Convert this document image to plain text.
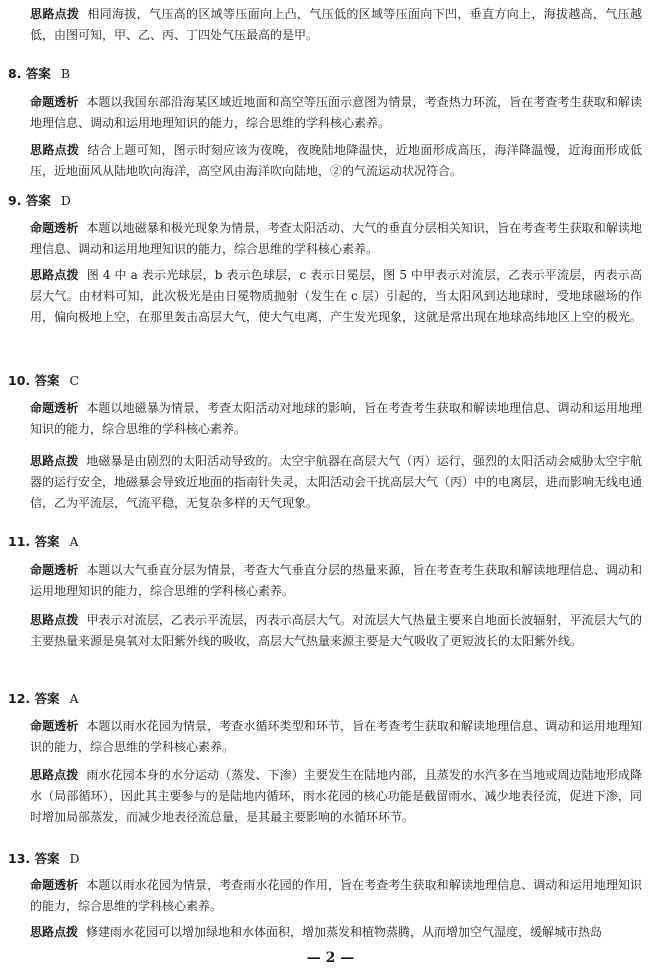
思路点拨 相同海拔，气压高的区域等压面向上凸，气压低的区域等压面向下凹，垂直方向上，海拔越高，气压越低，由图可知，甲、乙、丙、丁四处气压最高的是甲。

8. 答案 B

命题透析 本题以我国东部沿海某区域近地面和高空等压面示意图为情景，考查热力环流，旨在考查考生获取和解读地理信息、调动和运用地理知识的能力，综合思维的学科核心素养。

思路点拨 结合上题可知，图示时刻应该为夜晚，夜晚陆地降温快，近地面形成高压，海洋降温慢，近海面形成低压，近地面风从陆地吹向海洋，高空风由海洋吹向陆地，②的气流运动状况符合。

9. 答案 D

命题透析 本题以地磁暴和极光现象为情景，考查太阳活动、大气的垂直分层相关知识，旨在考查考生获取和解读地理信息、调动和运用地理知识的能力，综合思维的学科核心素养。

思路点拨 图 4 中 a 表示光球层，b 表示色球层，c 表示日冕层，图 5 中甲表示对流层，乙表示平流层，丙表示高层大气。由材料可知，此次极光是由日冕物质抛射（发生在 c 层）引起的，当太阳风到达地球时，受地球磁场的作用，偏向极地上空，在那里轰击高层大气，使大气电离，产生发光现象，这就是常出现在地球高纬地区上空的极光。

10. 答案 C

命题透析 本题以地磁暴为情景，考查太阳活动对地球的影响，旨在考查考生获取和解读地理信息、调动和运用地理知识的能力，综合思维的学科核心素养。

思路点拨 地磁暴是由剧烈的太阳活动导致的。太空宇航器在高层大气（丙）运行，强烈的太阳活动会威胁太空宇航器的运行安全，地磁暴会导致近地面的指南针失灵，太阳活动会干扰高层大气（丙）中的电离层，进而影响无线电通信，乙为平流层，气流平稳，无复杂多样的天气现象。

11. 答案 A

命题透析 本题以大气垂直分层为情景，考查大气垂直分层的热量来源，旨在考查考生获取和解读地理信息、调动和运用地理知识的能力，综合思维的学科核心素养。

思路点拨 甲表示对流层，乙表示平流层，丙表示高层大气。对流层大气热量主要来自地面长波辐射，平流层大气的主要热量来源是臭氧对太阳紫外线的吸收，高层大气热量来源主要是大气吸收了更短波长的太阳紫外线。

12. 答案 A

命题透析 本题以雨水花园为情景，考查水循环类型和环节，旨在考查考生获取和解读地理信息、调动和运用地理知识的能力，综合思维的学科核心素养。

思路点拨 雨水花园本身的水分运动（蒸发、下渗）主要发生在陆地内部，且蒸发的水汽多在当地或周边陆地形成降水（局部循环），因此其主要参与的是陆地内循环，雨水花园的核心功能是截留雨水、减少地表径流，促进下渗，同时增加局部蒸发，而减少地表径流总量，是其最主要影响的水循环环节。

13. 答案 D

命题透析 本题以雨水花园为情景，考查雨水花园的作用，旨在考查考生获取和解读地理信息、调动和运用地理知识的能力，综合思维的学科核心素养。

思路点拨 修建雨水花园可以增加绿地和水体面积，增加蒸发和植物蒸腾，从而增加空气湿度，缓解城市热岛

— 2 —
